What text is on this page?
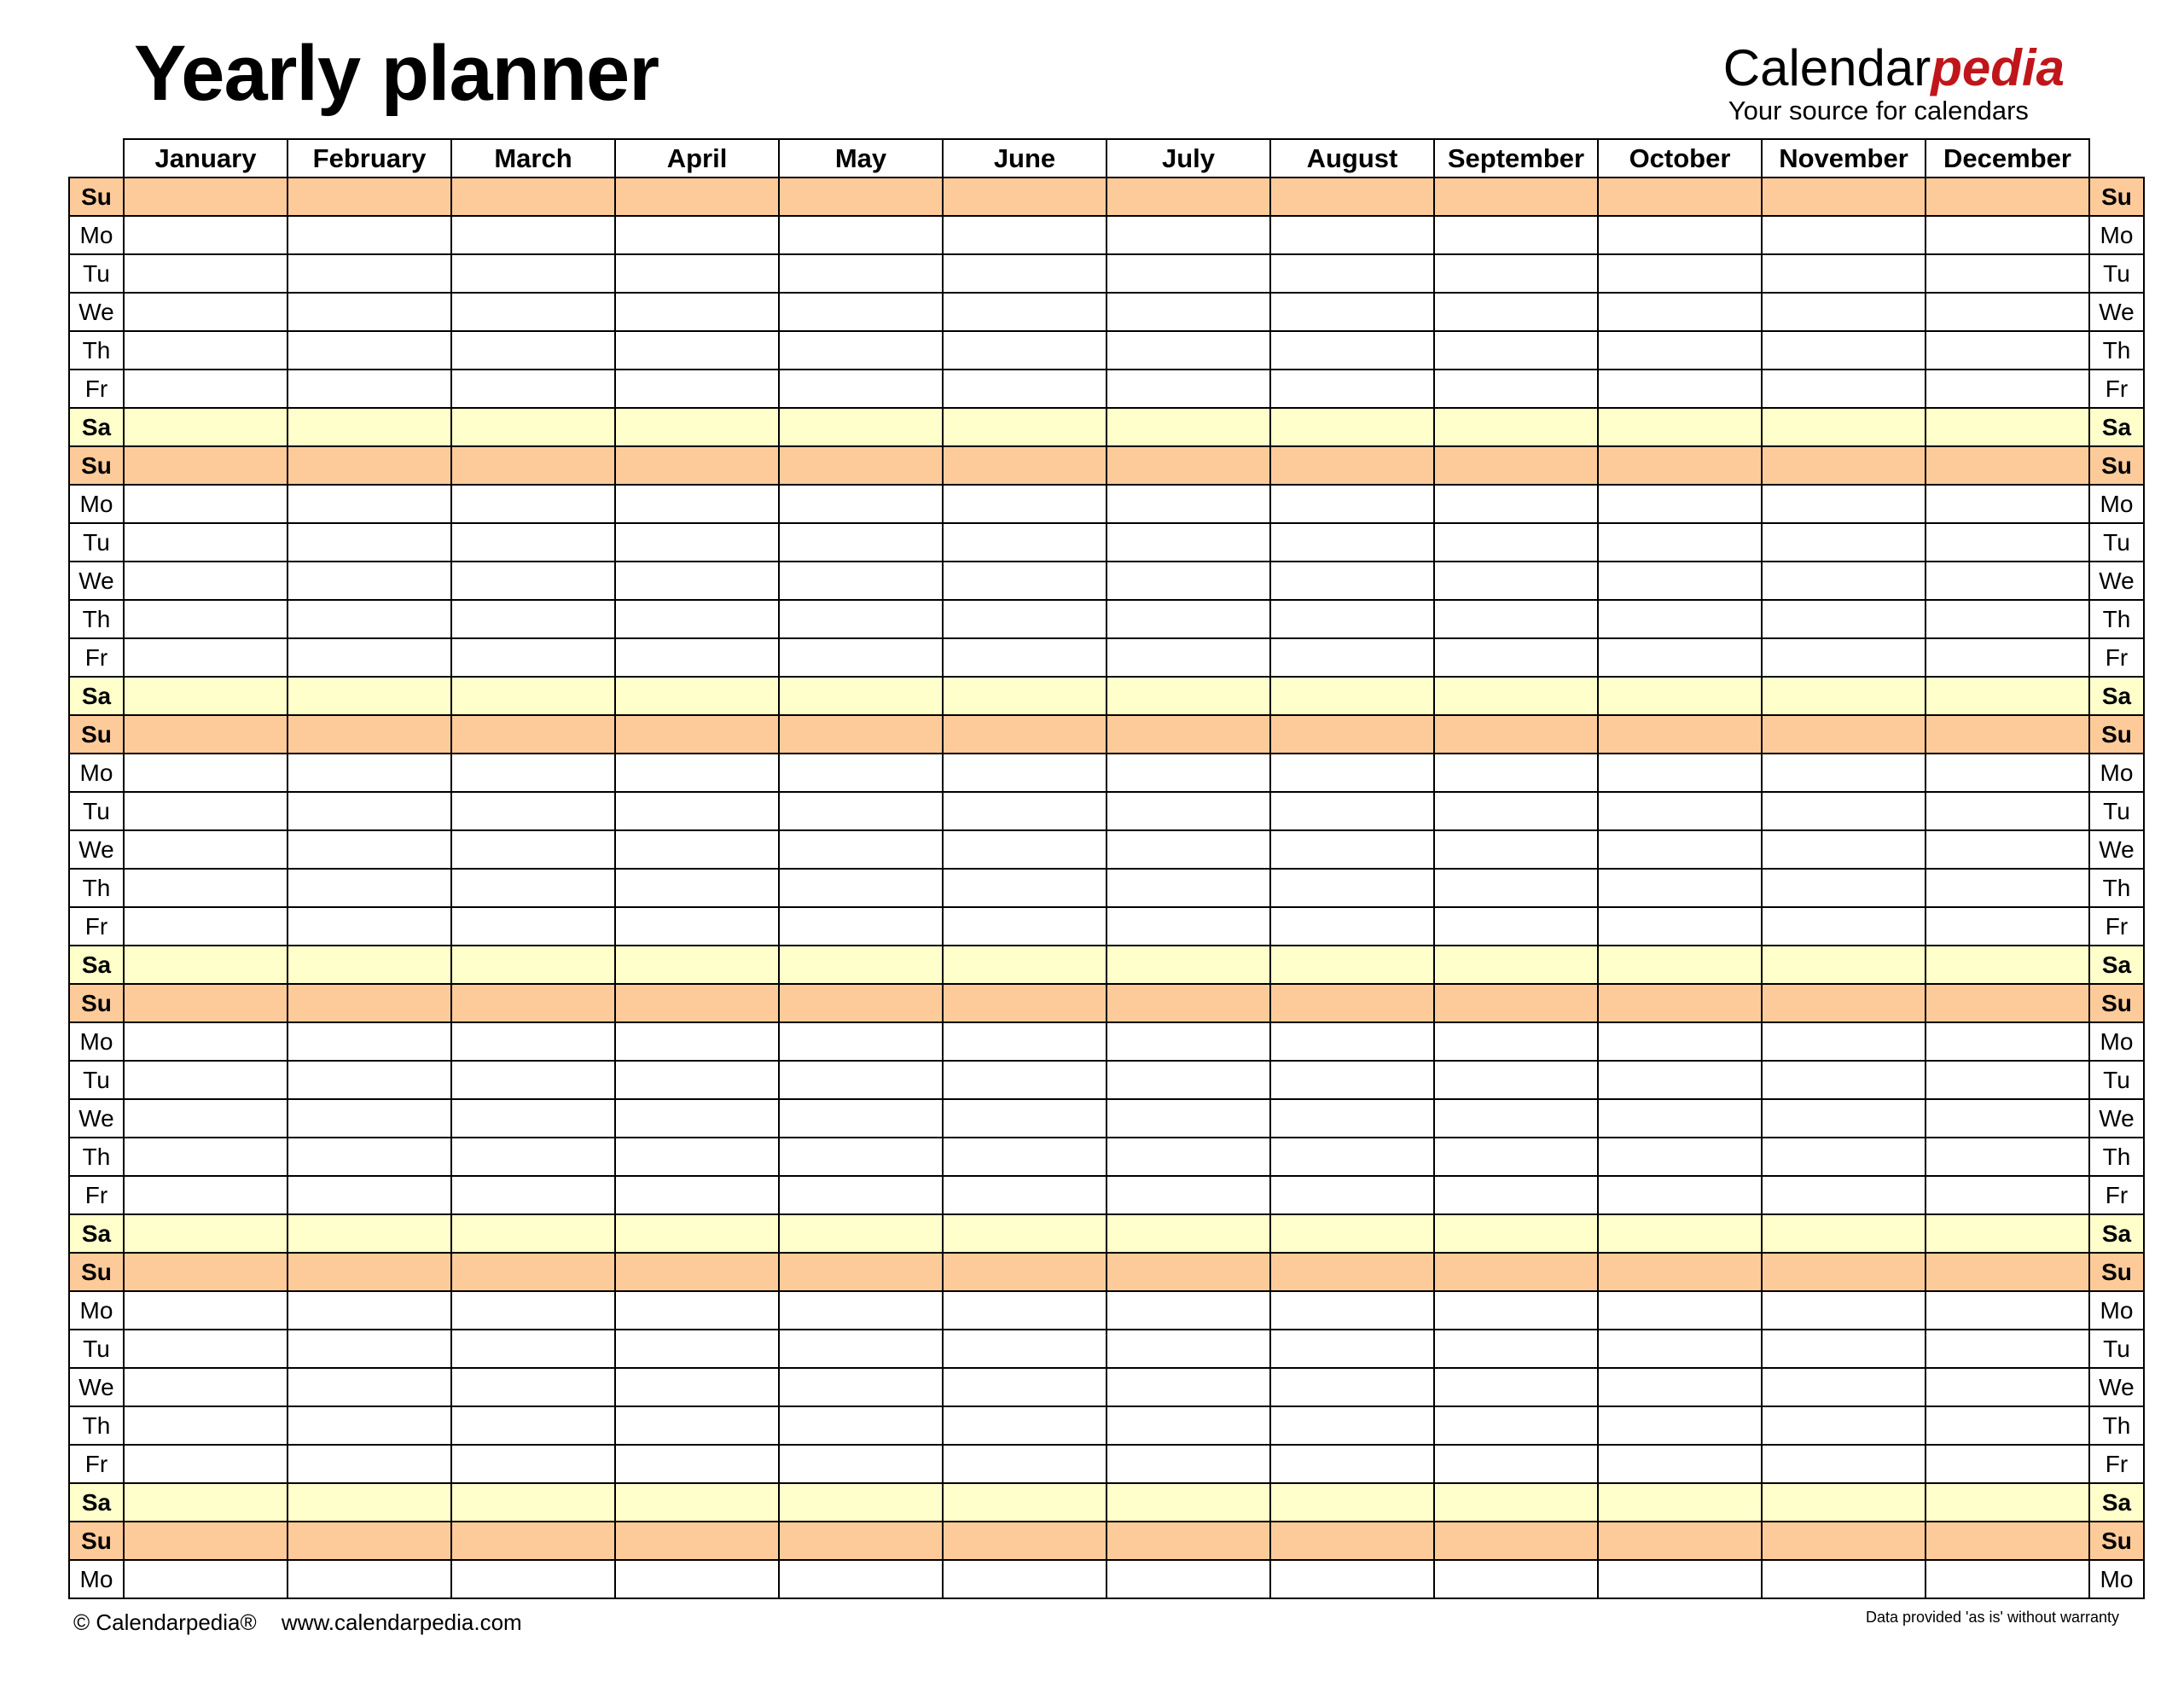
Yearly planner	Calendarpedia
Your source for calendars
	January	February	March	April	May	June	July	August	September	October	November	December	
Su													Su
Mo													Mo
Tu													Tu
We													We
Th													Th
Fr													Fr
Sa													Sa
Su													Su
Mo													Mo
Tu													Tu
We													We
Th													Th
Fr													Fr
Sa													Sa
Su													Su
Mo													Mo
Tu													Tu
We													We
Th													Th
Fr													Fr
Sa													Sa
Su													Su
Mo													Mo
Tu													Tu
We													We
Th													Th
Fr													Fr
Sa													Sa
Su													Su
Mo													Mo
Tu													Tu
We													We
Th													Th
Fr													Fr
Sa													Sa
Su													Su
Mo													Mo
© Calendarpedia® www.calendarpedia.com	Data provided 'as is' without warranty
